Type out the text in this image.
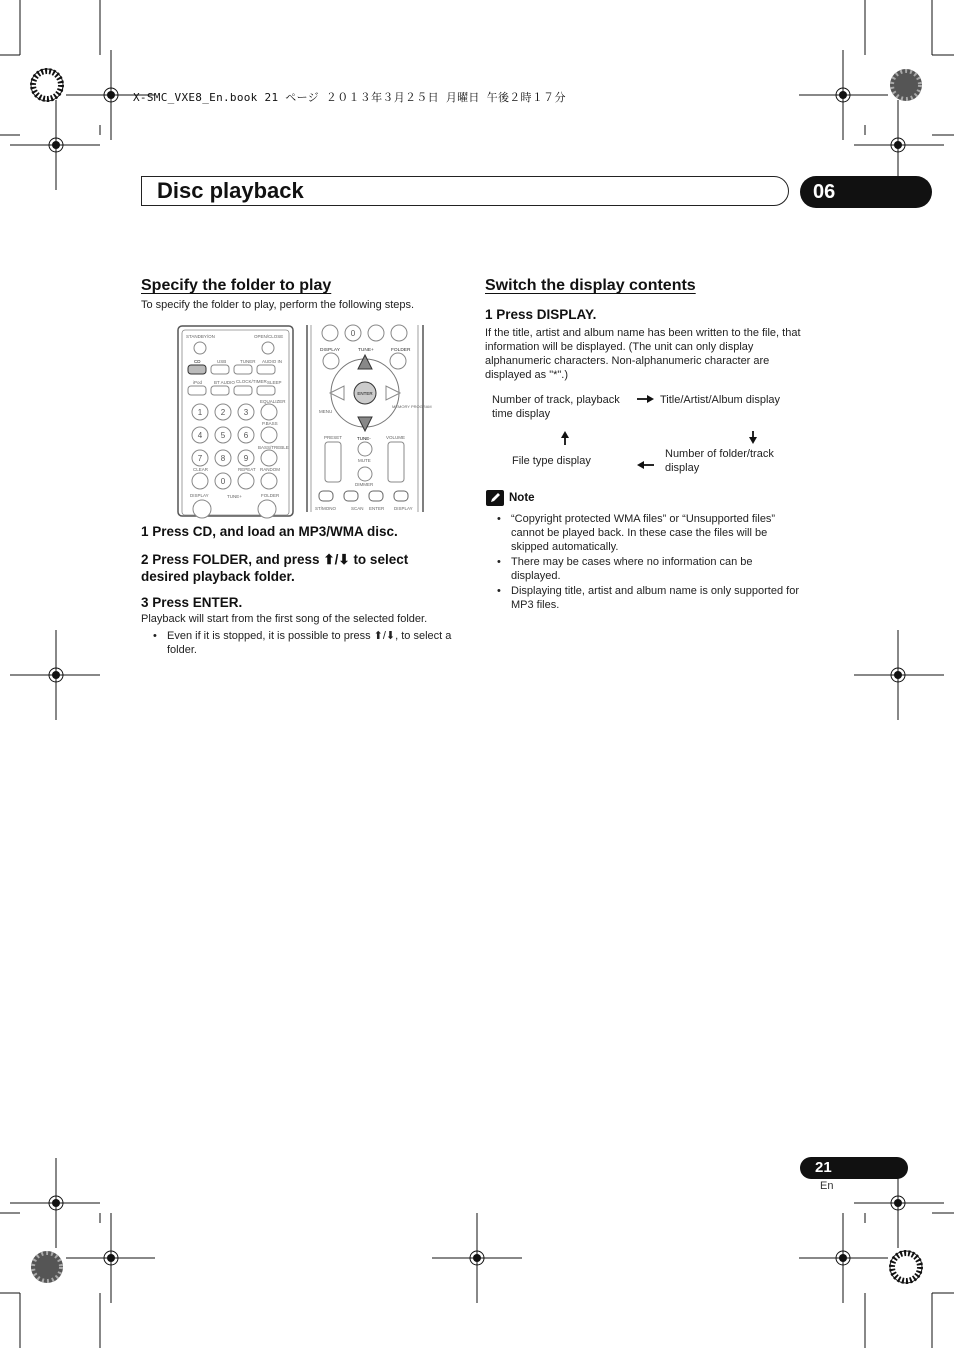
X-SMC_VXE8_En.book 21 ページ ２０１３年３月２５日 月曜日 午後２時１７分
Disc playback	06
Specify the folder to play
To specify the folder to play, perform the following steps.
STANDBY/ON	OPEN/CLOSE
CD	USB	TUNER AUDIO IN
iPod	BT AUDIO CLOCK/TIMER SLEEP
EQUALIZER
P.BASS
BASS/TREBLE
CLEAR	REPEAT RANDOM
DISPLAY	TUNE+	FOLDER
1 2 3
4 5 6
7 8 9
0
0
DISPLAY	TUNE+	FOLDER
ENTER
MENU
MEMORY PROGRAM
PRESET	TUNE-	VOLUME
MUTE
DIMMER
ST/MONO	SCAN ENTER DISPLAY
1 Press CD, and load an MP3/WMA disc.
2 Press FOLDER, and press ⬆/⬇ to select
desired playback folder.
3 Press ENTER.
Playback will start from the first song of the selected folder.
• Even if it is stopped, it is possible to press ⬆/⬇, to select a folder.
Switch the display contents
1 Press DISPLAY.
If the title, artist and album name has been written to the file, that information will be displayed. (The unit can only display alphanumeric characters. Non-alphanumeric character are displayed as "*".)
Number of track, playback time display
Title/Artist/Album display
Number of folder/track display
File type display
Note
• “Copyright protected WMA files” or “Unsupported files” cannot be played back. In these case the files will be skipped automatically.
• There may be cases where no information can be displayed.
• Displaying title, artist and album name is only supported for MP3 files.
21
En
